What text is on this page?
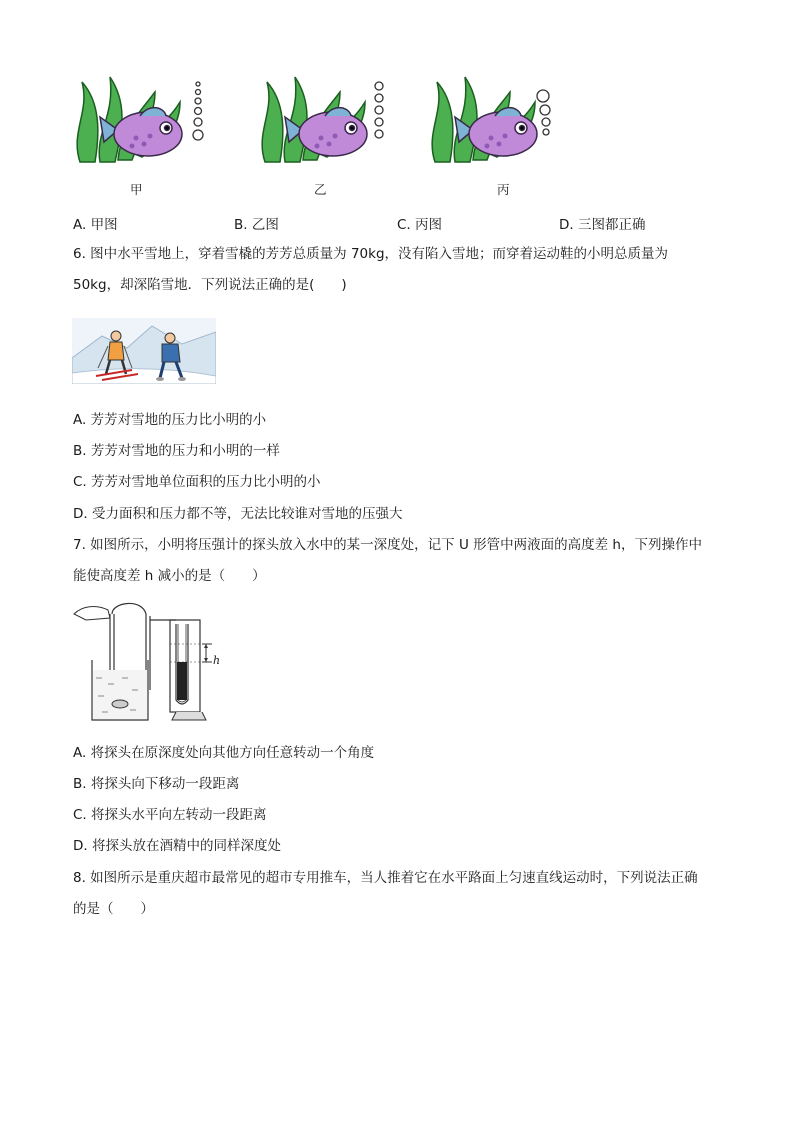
甲	乙	丙
A. 甲图	B. 乙图	C. 丙图	D. 三图都正确
6. 图中水平雪地上，穿着雪橇的芳芳总质量为 70kg，没有陷入雪地；而穿着运动鞋的小明总质量为
50kg，却深陷雪地．下列说法正确的是(　　)
A. 芳芳对雪地的压力比小明的小
B. 芳芳对雪地的压力和小明的一样
C. 芳芳对雪地单位面积的压力比小明的小
D. 受力面积和压力都不等，无法比较谁对雪地的压强大
7. 如图所示，小明将压强计的探头放入水中的某一深度处，记下 U 形管中两液面的高度差 h，下列操作中
能使高度差 h 减小的是（　　）
h
A. 将探头在原深度处向其他方向任意转动一个角度
B. 将探头向下移动一段距离
C. 将探头水平向左转动一段距离
D. 将探头放在酒精中的同样深度处
8. 如图所示是重庆超市最常见的超市专用推车，当人推着它在水平路面上匀速直线运动时，下列说法正确
的是（　　）
